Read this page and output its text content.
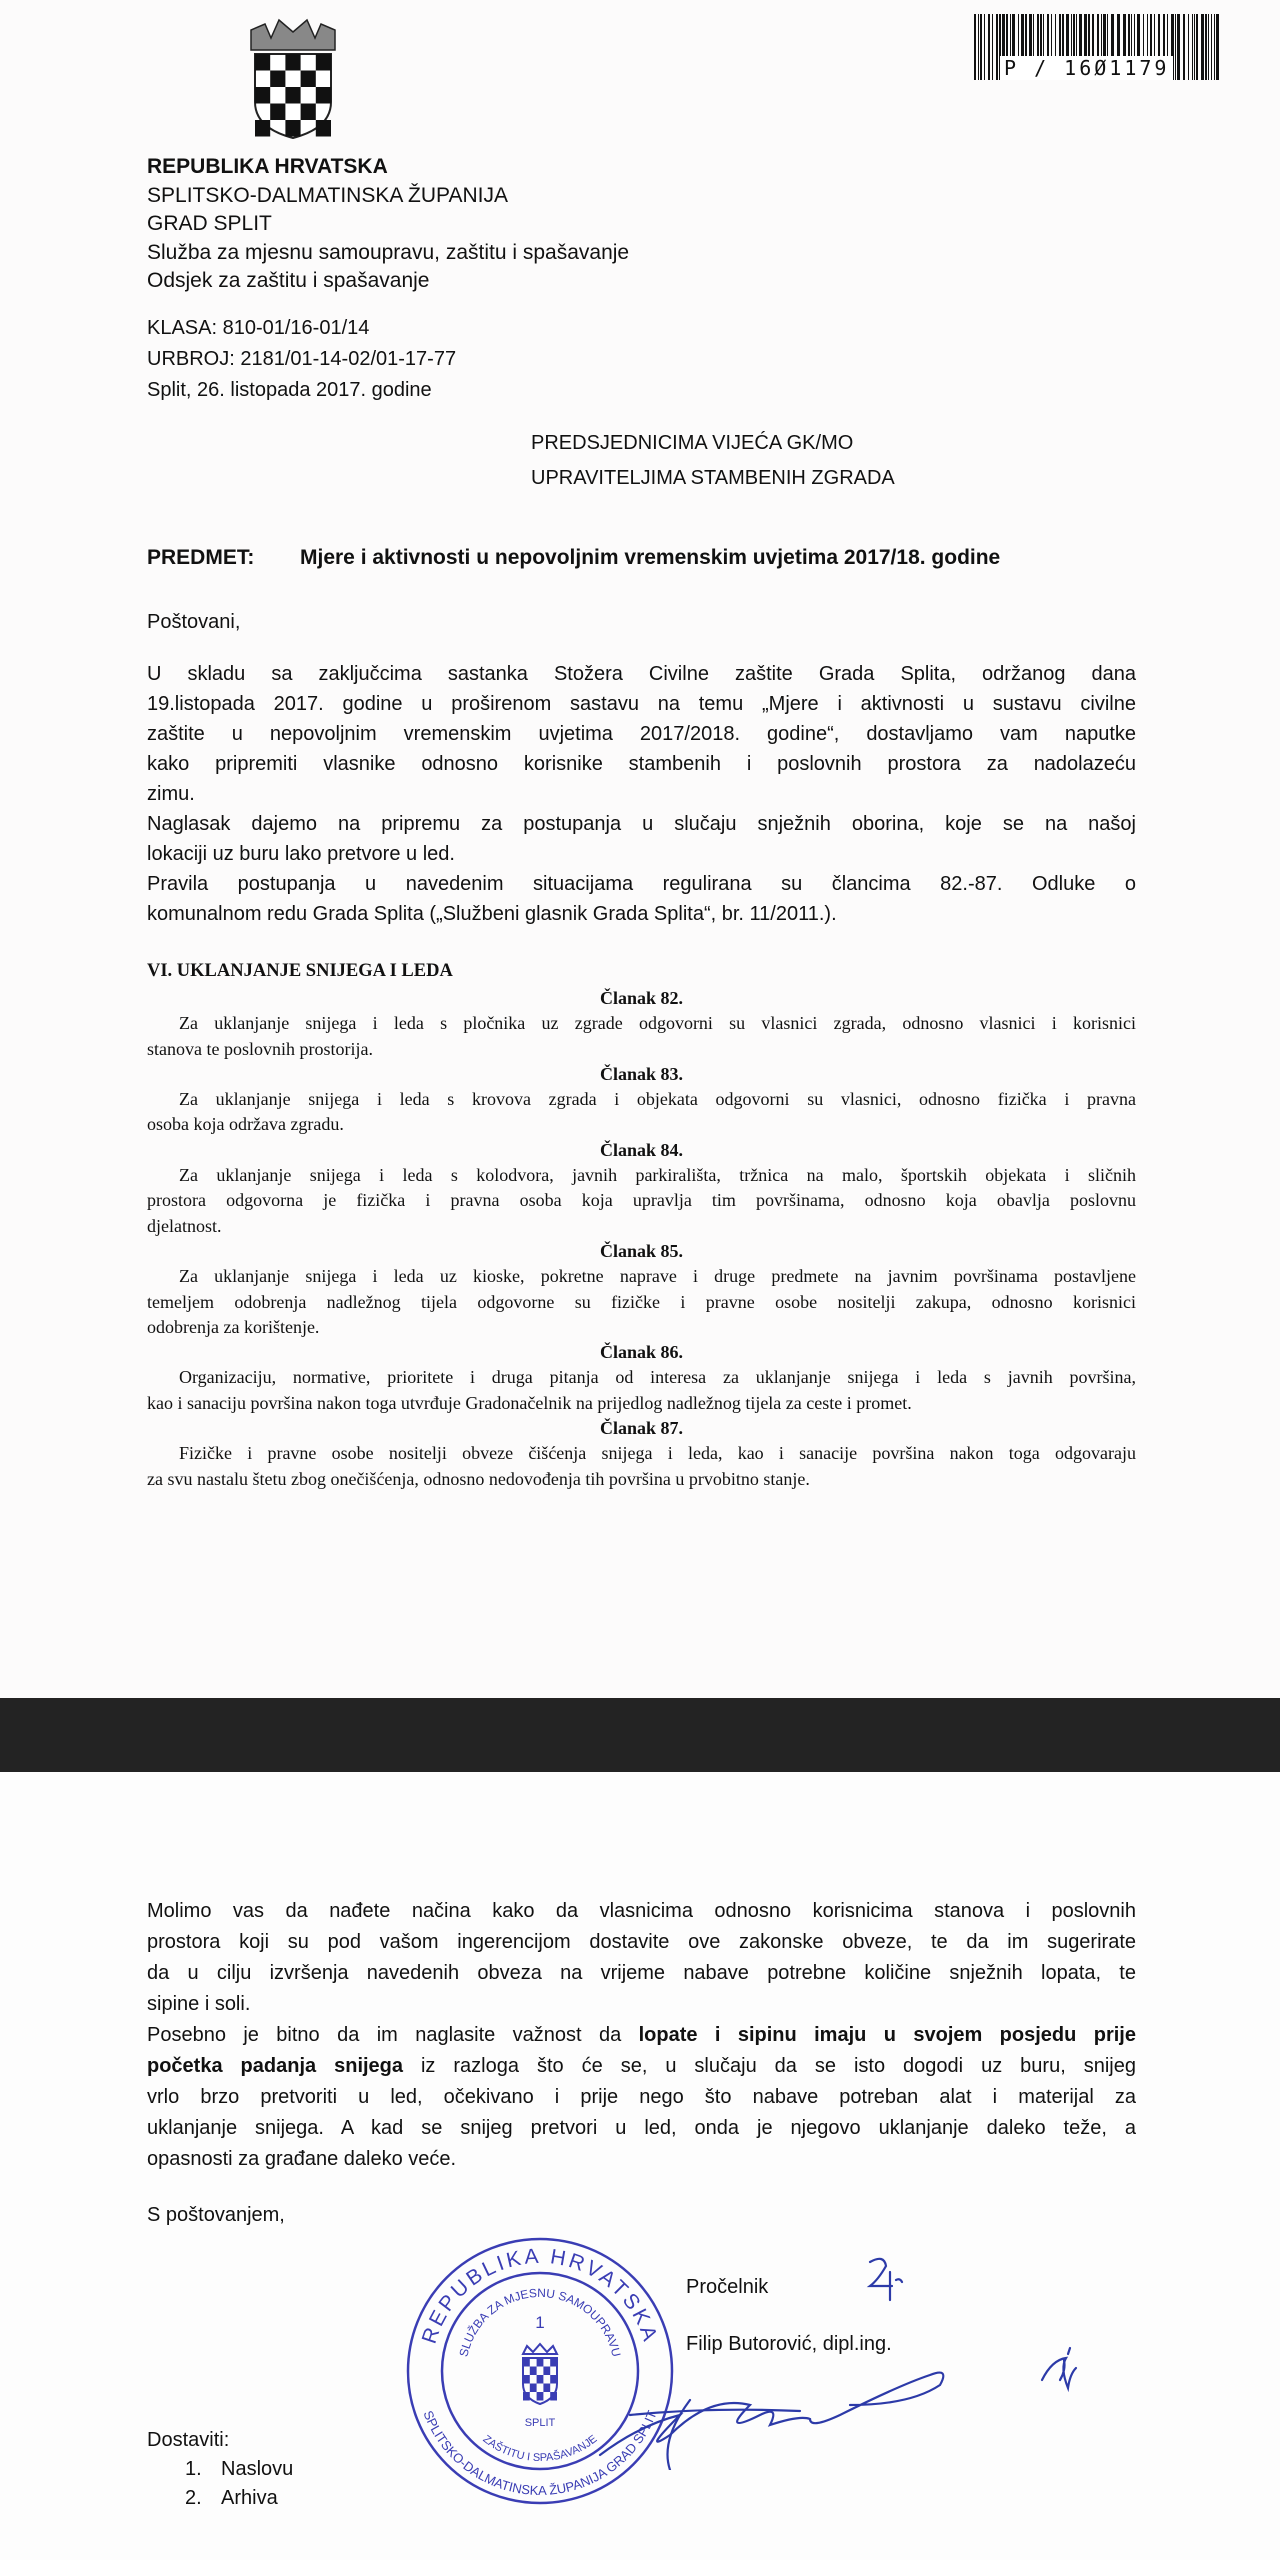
P / 16Ø1179
REPUBLIKA HRVATSKA
SPLITSKO-DALMATINSKA ŽUPANIJA
GRAD SPLIT
Služba za mjesnu samoupravu, zaštitu i spašavanje
Odsjek za zaštitu i spašavanje
KLASA: 810-01/16-01/14
URBROJ: 2181/01-14-02/01-17-77
Split, 26. listopada 2017. godine
PREDSJEDNICIMA VIJEĆA GK/MO
UPRAVITELJIMA STAMBENIH ZGRADA
PREDMET: Mjere i aktivnosti u nepovoljnim vremenskim uvjetima 2017/18. godine
Poštovani,
U skladu sa zaključcima sastanka Stožera Civilne zaštite Grada Splita, održanog dana
19.listopada 2017. godine u proširenom sastavu na temu „Mjere i aktivnosti u sustavu civilne
zaštite u nepovoljnim vremenskim uvjetima 2017/2018. godine“, dostavljamo vam naputke
kako pripremiti vlasnike odnosno korisnike stambenih i poslovnih prostora za nadolazeću
zimu.
Naglasak dajemo na pripremu za postupanja u slučaju snježnih oborina, koje se na našoj
lokaciji uz buru lako pretvore u led.
Pravila postupanja u navedenim situacijama regulirana su člancima 82.-87. Odluke o
komunalnom redu Grada Splita („Službeni glasnik Grada Splita“, br. 11/2011.).
VI. UKLANJANJE SNIJEGA I LEDA
Članak 82.
Za uklanjanje snijega i leda s pločnika uz zgrade odgovorni su vlasnici zgrada, odnosno vlasnici i korisnici
stanova te poslovnih prostorija.
Članak 83.
Za uklanjanje snijega i leda s krovova zgrada i objekata odgovorni su vlasnici, odnosno fizička i pravna
osoba koja održava zgradu.
Članak 84.
Za uklanjanje snijega i leda s kolodvora, javnih parkirališta, tržnica na malo, športskih objekata i sličnih
prostora odgovorna je fizička i pravna osoba koja upravlja tim površinama, odnosno koja obavlja poslovnu
djelatnost.
Članak 85.
Za uklanjanje snijega i leda uz kioske, pokretne naprave i druge predmete na javnim površinama postavljene
temeljem odobrenja nadležnog tijela odgovorne su fizičke i pravne osobe nositelji zakupa, odnosno korisnici
odobrenja za korištenje.
Članak 86.
Organizaciju, normative, prioritete i druga pitanja od interesa za uklanjanje snijega i leda s javnih površina,
kao i sanaciju površina nakon toga utvrđuje Gradonačelnik na prijedlog nadležnog tijela za ceste i promet.
Članak 87.
Fizičke i pravne osobe nositelji obveze čišćenja snijega i leda, kao i sanacije površina nakon toga odgovaraju
za svu nastalu štetu zbog onečišćenja, odnosno nedovođenja tih površina u prvobitno stanje.
Molimo vas da nađete načina kako da vlasnicima odnosno korisnicima stanova i poslovnih
prostora koji su pod vašom ingerencijom dostavite ove zakonske obveze, te da im sugerirate
da u cilju izvršenja navedenih obveza na vrijeme nabave potrebne količine snježnih lopata, te
sipine i soli.
Posebno je bitno da im naglasite važnost da lopate i sipinu imaju u svojem posjedu prije
početka padanja snijega iz razloga što će se, u slučaju da se isto dogodi uz buru, snijeg
vrlo brzo pretvoriti u led, očekivano i prije nego što nabave potreban alat i materijal za
uklanjanje snijega. A kad se snijeg pretvori u led, onda je njegovo uklanjanje daleko teže, a
opasnosti za građane daleko veće.
S poštovanjem,
REPUBLIKA HRVATSKA
SPLITSKO-DALMATINSKA ŽUPANIJA GRAD SPLIT
SLUŽBA ZA MJESNU SAMOUPRAVU
ZAŠTITU I SPAŠAVANJE
1
SPLIT
Pročelnik
Filip Butorović, dipl.ing.
Dostaviti:
1. Naslovu
2. Arhiva
